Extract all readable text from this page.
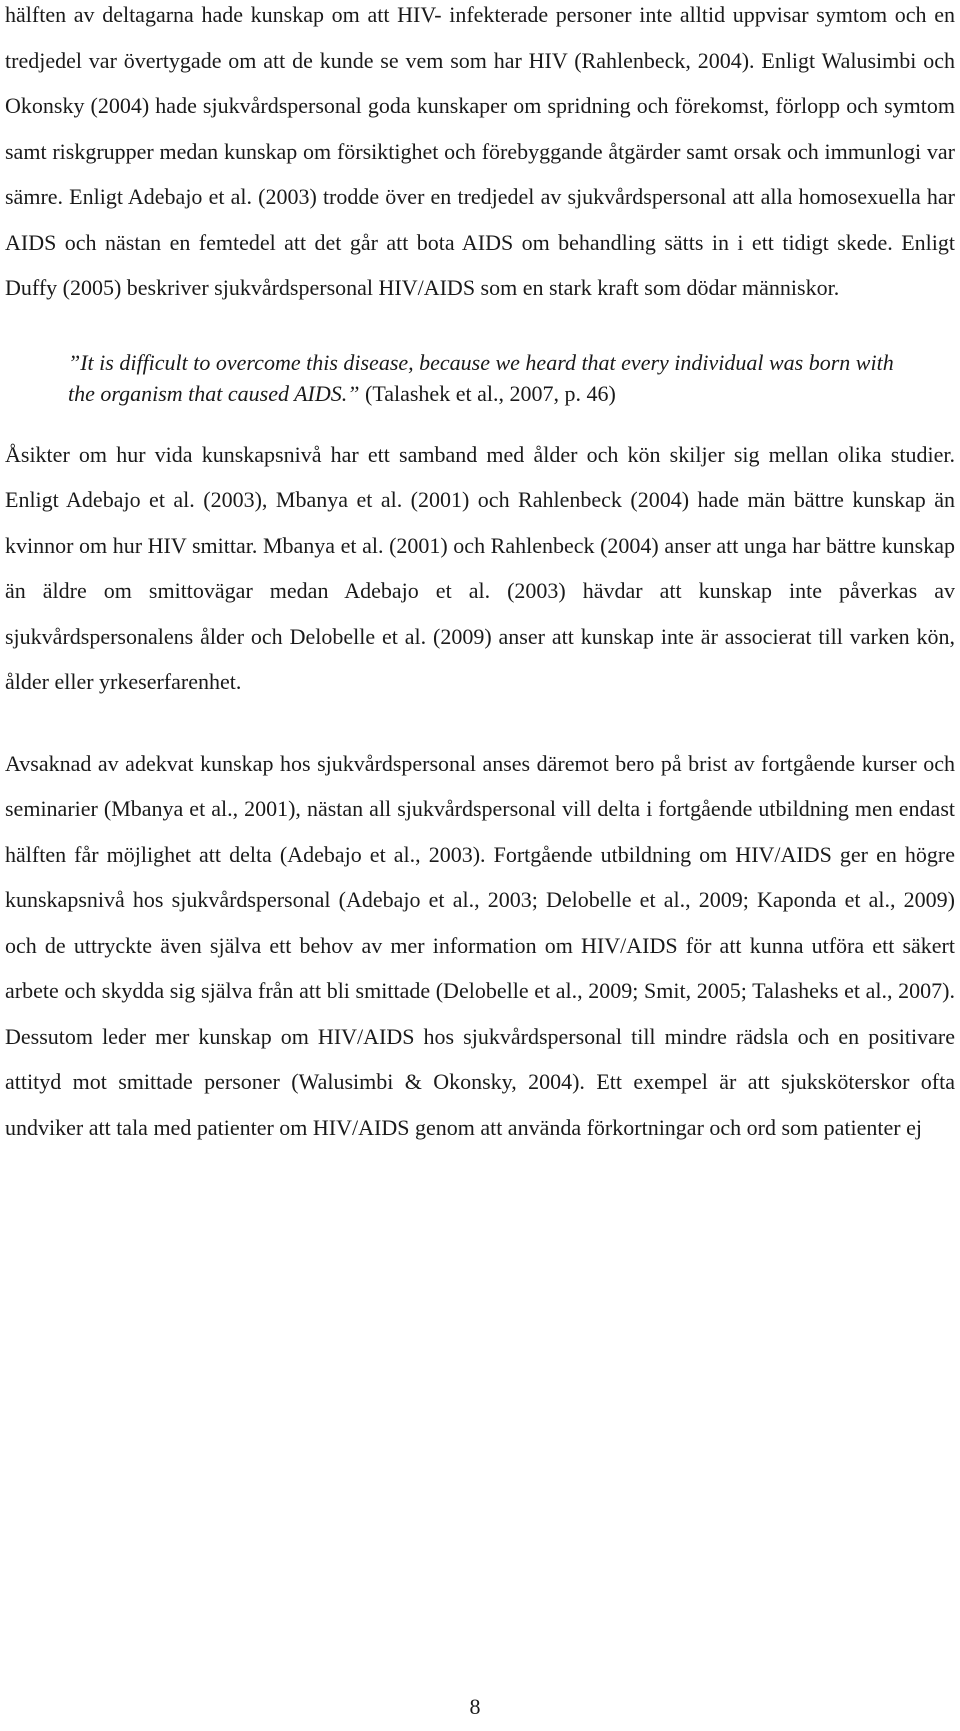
hälften av deltagarna hade kunskap om att HIV- infekterade personer inte alltid uppvisar symtom och en tredjedel var övertygade om att de kunde se vem som har HIV (Rahlenbeck, 2004). Enligt Walusimbi och Okonsky (2004) hade sjukvårdspersonal goda kunskaper om spridning och förekomst, förlopp och symtom samt riskgrupper medan kunskap om försiktighet och förebyggande åtgärder samt orsak och immunlogi var sämre. Enligt Adebajo et al. (2003) trodde över en tredjedel av sjukvårdspersonal att alla homosexuella har AIDS och nästan en femtedel att det går att bota AIDS om behandling sätts in i ett tidigt skede. Enligt Duffy (2005) beskriver sjukvårdspersonal HIV/AIDS som en stark kraft som dödar människor.

”It is difficult to overcome this disease, because we heard that every individual was born with the organism that caused AIDS.” (Talashek et al., 2007, p. 46)

Åsikter om hur vida kunskapsnivå har ett samband med ålder och kön skiljer sig mellan olika studier. Enligt Adebajo et al. (2003), Mbanya et al. (2001) och Rahlenbeck (2004) hade män bättre kunskap än kvinnor om hur HIV smittar. Mbanya et al. (2001) och Rahlenbeck (2004) anser att unga har bättre kunskap än äldre om smittovägar medan Adebajo et al. (2003) hävdar att kunskap inte påverkas av sjukvårdspersonalens ålder och Delobelle et al. (2009) anser att kunskap inte är associerat till varken kön, ålder eller yrkeserfarenhet.

Avsaknad av adekvat kunskap hos sjukvårdspersonal anses däremot bero på brist av fortgående kurser och seminarier (Mbanya et al., 2001), nästan all sjukvårdspersonal vill delta i fortgående utbildning men endast hälften får möjlighet att delta (Adebajo et al., 2003). Fortgående utbildning om HIV/AIDS ger en högre kunskapsnivå hos sjukvårdspersonal (Adebajo et al., 2003; Delobelle et al., 2009; Kaponda et al., 2009) och de uttryckte även själva ett behov av mer information om HIV/AIDS för att kunna utföra ett säkert arbete och skydda sig själva från att bli smittade (Delobelle et al., 2009; Smit, 2005; Talasheks et al., 2007). Dessutom leder mer kunskap om HIV/AIDS hos sjukvårdspersonal till mindre rädsla och en positivare attityd mot smittade personer (Walusimbi & Okonsky, 2004). Ett exempel är att sjuksköterskor ofta undviker att tala med patienter om HIV/AIDS genom att använda förkortningar och ord som patienter ej

8
